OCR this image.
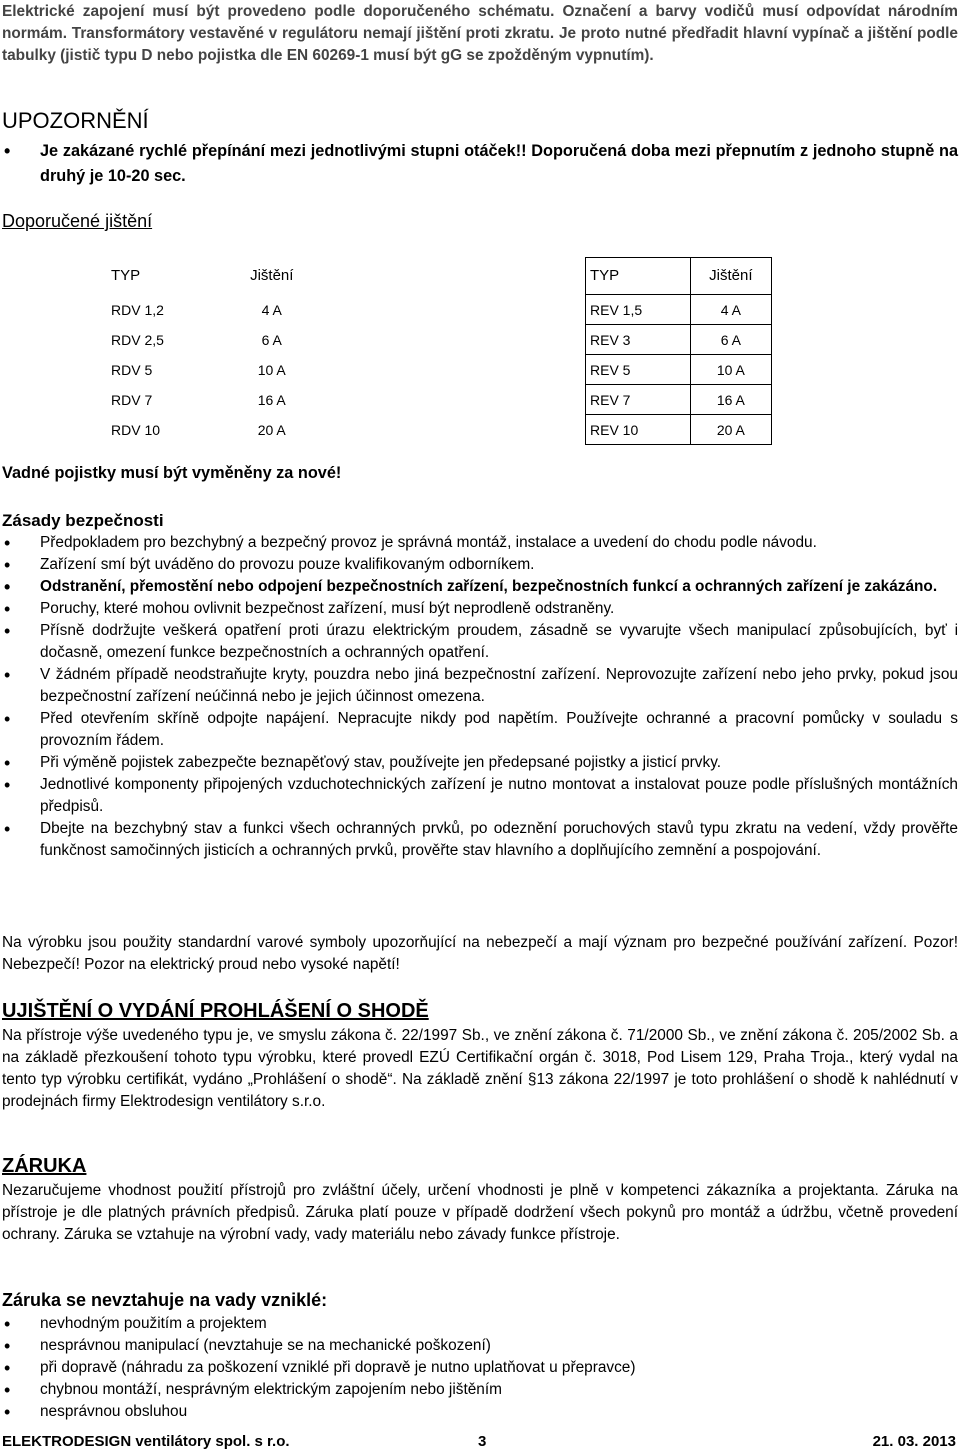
Elektrické zapojení musí být provedeno podle doporučeného schématu. Označení a barvy vodičů musí odpovídat národním normám. Transformátory vestavěné v regulátoru nemají jištění proti zkratu. Je proto nutné předřadit hlavní vypínač a jištění podle tabulky (jistič typu D nebo pojistka dle EN 60269-1 musí být gG se zpožděným vypnutím).

UPOZORNĚNÍ
• Je zakázané rychlé přepínání mezi jednotlivými stupni otáček!! Doporučená doba mezi přepnutím z jednoho stupně na druhý je 10-20 sec.
Doporučené jištění
TYP	Jištění
RDV 1,2	4 A
RDV 2,5	6 A
RDV 5	10 A
RDV 7	16 A
RDV 10	20 A
TYP	Jištění
REV 1,5	4 A
REV 3	6 A
REV 5	10 A
REV 7	16 A
REV 10	20 A

Vadné pojistky musí být vyměněny za nové!

Zásady bezpečnosti
• Předpokladem pro bezchybný a bezpečný provoz je správná montáž, instalace a uvedení do chodu podle návodu.
• Zařízení smí být uváděno do provozu pouze kvalifikovaným odborníkem.
• Odstranění, přemostění nebo odpojení bezpečnostních zařízení, bezpečnostních funkcí a ochranných zařízení je zakázáno.
• Poruchy, které mohou ovlivnit bezpečnost zařízení, musí být neprodleně odstraněny.
• Přísně dodržujte veškerá opatření proti úrazu elektrickým proudem, zásadně se vyvarujte všech manipulací způsobujících, byť i dočasně, omezení funkce bezpečnostních a ochranných opatření.
• V žádném případě neodstraňujte kryty, pouzdra nebo jiná bezpečnostní zařízení. Neprovozujte zařízení nebo jeho prvky, pokud jsou bezpečnostní zařízení neúčinná nebo je jejich účinnost omezena.
• Před otevřením skříně odpojte napájení. Nepracujte nikdy pod napětím. Používejte ochranné a pracovní pomůcky v souladu s provozním řádem.
• Při výměně pojistek zabezpečte beznapěťový stav, používejte jen předepsané pojistky a jisticí prvky.
• Jednotlivé komponenty připojených vzduchotechnických zařízení je nutno montovat a instalovat pouze podle příslušných montážních předpisů.
• Dbejte na bezchybný stav a funkci všech ochranných prvků, po odeznění poruchových stavů typu zkratu na vedení, vždy prověřte funkčnost samočinných jisticích a ochranných prvků, prověřte stav hlavního a doplňujícího zemnění a pospojování.

Na výrobku jsou použity standardní varové symboly upozorňující na nebezpečí a mají význam pro bezpečné používání zařízení. Pozor! Nebezpečí! Pozor na elektrický proud nebo vysoké napětí!

UJIŠTĚNÍ O VYDÁNÍ PROHLÁŠENÍ O SHODĚ

Na přístroje výše uvedeného typu je, ve smyslu zákona č. 22/1997 Sb., ve znění zákona č. 71/2000 Sb., ve znění zákona č. 205/2002 Sb. a na základě přezkoušení tohoto typu výrobku, které provedl EZÚ Certifikační orgán č. 3018, Pod Lisem 129, Praha Troja., který vydal na tento typ výrobku certifikát, vydáno „Prohlášení o shodě“. Na základě znění §13 zákona 22/1997 je toto prohlášení o shodě k nahlédnutí v prodejnách firmy Elektrodesign ventilátory s.r.o.

ZÁRUKA

Nezaručujeme vhodnost použití přístrojů pro zvláštní účely, určení vhodnosti je plně v kompetenci zákazníka a projektanta. Záruka na přístroje je dle platných právních předpisů. Záruka platí pouze v případě dodržení všech pokynů pro montáž a údržbu, včetně provedení ochrany. Záruka se vztahuje na výrobní vady, vady materiálu nebo závady funkce přístroje.

Záruka se nevztahuje na vady vzniklé:
• nevhodným použitím a projektem
• nesprávnou manipulací (nevztahuje se na mechanické poškození)
• při dopravě (náhradu za poškození vzniklé při dopravě je nutno uplatňovat u přepravce)
• chybnou montáží, nesprávným elektrickým zapojením nebo jištěním
• nesprávnou obsluhou
ELEKTRODESIGN ventilátory spol. s r.o.	3	21. 03. 2013
